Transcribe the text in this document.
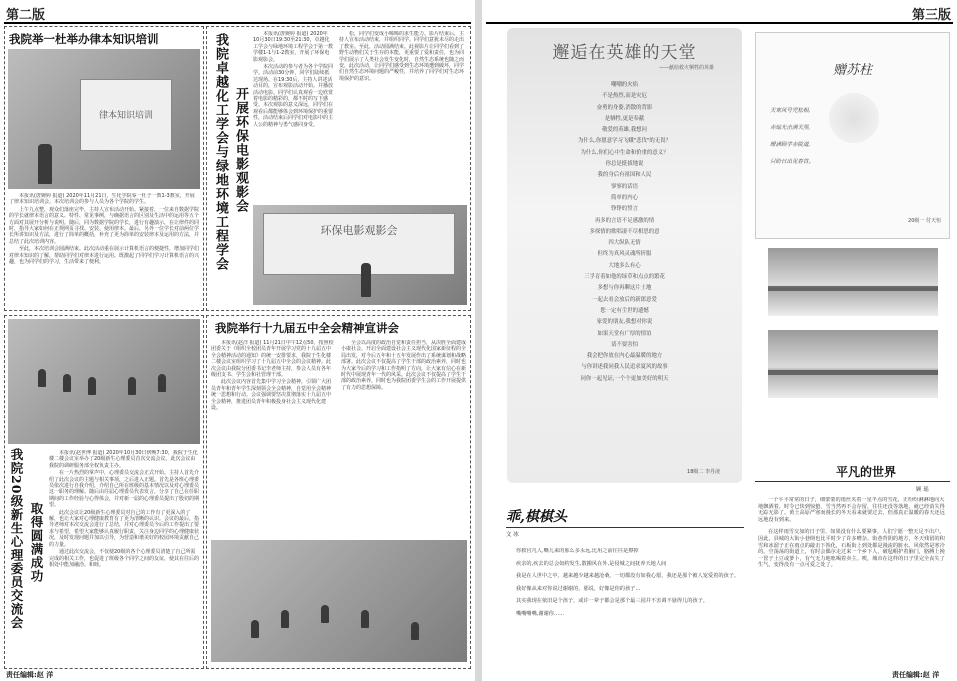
第二版
我院举一杜举办律本知识培训
律本知识培训

本报讯(唐婉婷 报道) 2020年11月21日，生化学院零一杜子一教1-3教室，开展了律本知识培训会。本次培训会的参与人员为各个学院的学生。

上午九点整，观众们落座完毕，主持人宣布活动开始。紧接着，一位来自数据学院的学长就律本语言的意义、特性、常见事例，与确据语言的区别及生活中的运用等五个方面对其展开分析与说明。随后，同为数据学院的学长，进行有趣演示，在让律件的同时，指导大家如何在正规网页寻找、安装、使用律本。最后，另外一位学长对前两位学长所讲知识及方法，进行了简单的概括，补充了更为简单的安装律本及运用的方法，并总结了此次培训内容。

至此，本次培训会圆满结束。此次活动重在展示计算机语言的便捷性，增加同学们对律本知识的了解，帮助同学们对律本进行运用。既激起了同学们学习计算机语言的兴趣，也为同学们的学习，生活带来了便利。	我院卓越化工学会与绿地环境工程学会 开展环保电影观影会

本报讯(唐婉婷 报道) 2020年10月30日19:30至21:30，卓越化工学会与绿地环境工程学会于第一教学楼1-1与1-2教室，开展了环保电影观影会。

本次活动的参与者为各个学院同学。活动前30分钟，同学们陆续抵达现场。在19:30后，主持人讲述活动目的，宣布观影活动开始。并播放活动电影。同学们认真观看一边欣赏着电影的精彩的，都不时的写下感受。本次观影的意义深远，同学们在观看后都能够体会到环境保护的重要性，活动结束后同学们对电影中的主人公的精神与勇气感同身受。

松，同学们变成小晞晞的求生能力。影片结束后，主持人宣布活动结束，并组织同学。同学们意犹未尽的走出了教室。至此，活动圆满结束。此视影片让同学们看到了野生动物们关于生存的本能，更重要了爱和责任，也为同学们展示了人类社会发生变化时，自然生态系统也随之而变，此次活动，让同学们感受到生态环境遭到破坏，同学们自然生态环境问题的严峻性，并培养了同学们对生态环境保护的意识。

环保电影观影会
我院20级新生心理委员交流会 取得圆满成功

本报讯(赵世博 报道) 2020年10月30日傍晚7:30，我院于生化楼二楼会议室举办了20级新生心理委员首次交流会议。此次会议由我院的调研服务部全权负责主办。

在一片热烈的掌声中，心理委员交流会正式开始。主持人首先介绍了此次会议的主题与相关事项，之后进入正题。首先是各班心理委员依次进行自我介绍，介绍自己所在班级的基本情况以及对心理委员这一职务的理解。随后由往届心理委员代表发言，分享了自己在任职期间的工作经验与心得体会，并对新一届的心理委员提出了殷切的期望。

此次会议让20级新生心理委员对自己的工作有了更深入的了解，也让大家对心理健康教育有了更为清晰的认识。会议的最后，指导老师对本次交流会进行了总结，并对心理委员今后的工作提出了要求与希望，希望大家能够认真履行职责，关注身边同学的心理健康状况，及时发现问题并加以引导，为营造和谐美好的校园环境贡献自己的力量。

通过此次交流会，不仅使20级的各个心理委员清楚了自己所需完成的相关工作，也促进了班级各个同学之间的友谊，使其在往后的相处中能加融洽、和睦。

我院举行十九届五中全会精神宣讲会

本报讯(赵洋 报道) 11月21日中午12点50，按照校团委关于《组织全校团员青年开展学习党的十九届五中全会精神活动的通知》的统一安排要求，我院于生化楼二楼会议室组织学习了十九届五中全会的会议精神。此次会议由我院分团委书记李老师主持，参会人员有各年级团支书、学生会和社管理干部。

此次会议内容首先集中学习全会精神，引领广大团员青年和青年学生深刻领会全会精神，自觉用全会精神统一思想和行动。会议强调要坚决贯彻落实十九届五中全会精神，推进团员青年积极投身社会主义现代化建设。

全会以高度的政治自觉和责任担当，从决胜全面建成小康社会、开启全面建设社会主义现代化国家新征程的全局出发，对今后五年和十五年发展作出了系统谋划和战略部署。此次会议不仅提高了学生干部的政治素养，同时也为大家今后的学习和工作指明了方向，让大家有信心在新时代中展现青年一代的风采。此次会议不仅提高了学生干部的政治素养，同时也为我院团委学生会的工作开展提供了有力的思想保障。

责任编辑:赵 洋
第三版
邂逅在英雄的天堂
——献给救火牺牲的英雄
嘲嘲的火焰
不是热烈,而是灾厄
奋勇的身姿,消散的背影
是牺牲,更是奉献
敬爱的英雄,我想问
为什么,你愿意学习飞蛾"悲伐"的无畏？
为什么,你们心中生命和价重的意义？
你总是挺拔地说
我的身后有祖国和人民
寥寥的话语
简单的内心
铮铮的誓言
再多的言语不足感激的情
多探情的歌唱凄不尽相思的意
四大纵队无情
但终为真风灵魂所折服
大地多么有心
三孚育着如他的绿草和点点的繁花
多想与你再聊这片土地
一起去看会放后的新郎意爱
您一定有尘世的遗憾
家爱的朋友,我想对你说
如果天堂有广厚的情谊
请不要害怕
我会把你放在内心最温暖的地方
与你讲述我同我人民追求夏风的故事
同你一起见证,一个个更加美好的明天
18级二 李丹凌
赠苏柱
天寒风号咒松相,
赤灿光击满天黑,
暖满顾学赤陵道,
只盼日出见春首。
20级一 付天恒
乖,棋棋头
文 冰

你救官凡人,嘶儿来的那么多永远,比用之前往往是擦掉

疾亲的,疾去的总会如约发生,散搬风在外,是侵城之间抚养天地人间

我是在人世中之中，越来越少越来越沧桑。一切都没有如我心愿，我还是那个被人宠爱着的孩子。

我好像从来对你说过谢谢的，那说，好像是你的孩子…

其实我现在依旧是个孩子，或许一辈子都会是那个最三园并不害调不悬得儿的孩子。

嘴嘴嘴嘴,谢谢你……

平凡的世界
顾 瑶

一个平平常常的日子，细蒙蒙的雨丝夹着一星半点的雪花，正纷纷淋淋地向大地飘洒着。时令已快到惊蛰，雪当然再不会存留，往往还没等落地，就已经消失得无踪无影了。黄土高原严寒而漫长的冬天看来就要过去，但那真正温暖的春天还远远地没有到来。

在这样雨雪交加的日子里，如果没有什么要紧事，人们宁愿一整天足不出户。因此，县城的大街小巷倒也比平时少了许多嘈杂。街巷背阴的地方，冬天残留的积雪和冰溜子正在雨点的敲击下蚀化，石板街上到处都是漫流的脏水。风依然是寒冷的。空荡荡的街道上，有时会偶尔走过来一个乡下人，破毡帽护着脑门，胳膊上挽一筐子土豆或萝卜，有气无力地吆喝着卖主。唉，城市在这样的日子里完全丧失了生气，变得没有一点可爱之处了。

责任编辑:赵 洋
